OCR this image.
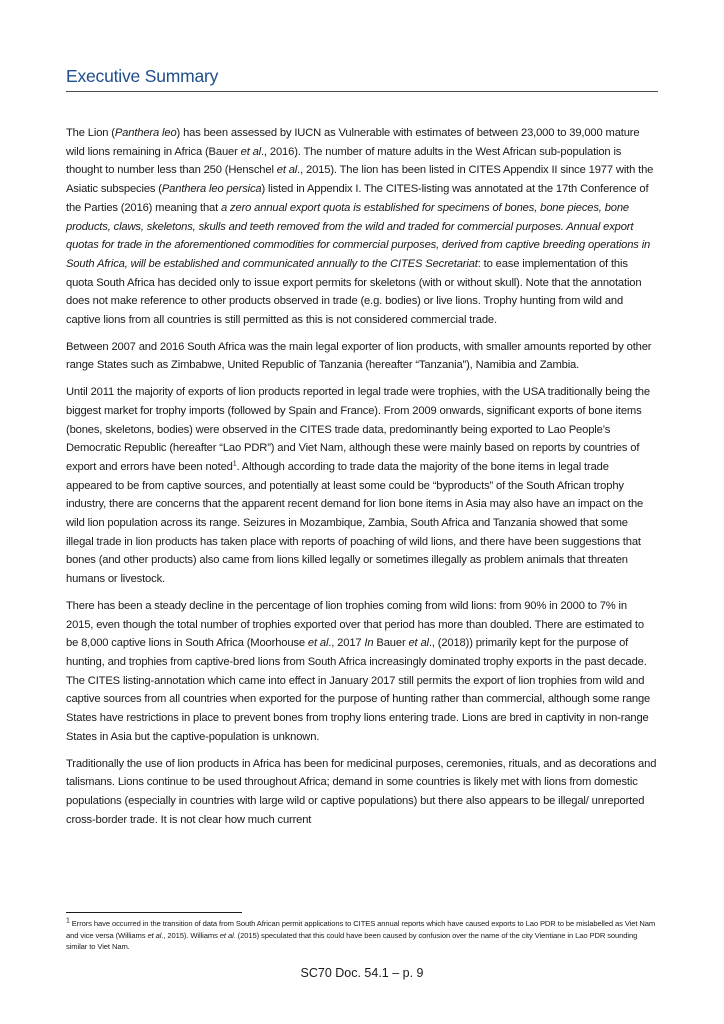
Executive Summary

The Lion (Panthera leo) has been assessed by IUCN as Vulnerable with estimates of between 23,000 to 39,000 mature wild lions remaining in Africa (Bauer et al., 2016). The number of mature adults in the West African sub-population is thought to number less than 250 (Henschel et al., 2015). The lion has been listed in CITES Appendix II since 1977 with the Asiatic subspecies (Panthera leo persica) listed in Appendix I. The CITES-listing was annotated at the 17th Conference of the Parties (2016) meaning that a zero annual export quota is established for specimens of bones, bone pieces, bone products, claws, skeletons, skulls and teeth removed from the wild and traded for commercial purposes. Annual export quotas for trade in the aforementioned commodities for commercial purposes, derived from captive breeding operations in South Africa, will be established and communicated annually to the CITES Secretariat: to ease implementation of this quota South Africa has decided only to issue export permits for skeletons (with or without skull). Note that the annotation does not make reference to other products observed in trade (e.g. bodies) or live lions. Trophy hunting from wild and captive lions from all countries is still permitted as this is not considered commercial trade.

Between 2007 and 2016 South Africa was the main legal exporter of lion products, with smaller amounts reported by other range States such as Zimbabwe, United Republic of Tanzania (hereafter “Tanzania”), Namibia and Zambia.

Until 2011 the majority of exports of lion products reported in legal trade were trophies, with the USA traditionally being the biggest market for trophy imports (followed by Spain and France). From 2009 onwards, significant exports of bone items (bones, skeletons, bodies) were observed in the CITES trade data, predominantly being exported to Lao People’s Democratic Republic (hereafter “Lao PDR”) and Viet Nam, although these were mainly based on reports by countries of export and errors have been noted$^1$. Although according to trade data the majority of the bone items in legal trade appeared to be from captive sources, and potentially at least some could be “byproducts” of the South African trophy industry, there are concerns that the apparent recent demand for lion bone items in Asia may also have an impact on the wild lion population across its range. Seizures in Mozambique, Zambia, South Africa and Tanzania showed that some illegal trade in lion products has taken place with reports of poaching of wild lions, and there have been suggestions that bones (and other products) also came from lions killed legally or sometimes illegally as problem animals that threaten humans or livestock.

There has been a steady decline in the percentage of lion trophies coming from wild lions: from 90% in 2000 to 7% in 2015, even though the total number of trophies exported over that period has more than doubled. There are estimated to be 8,000 captive lions in South Africa (Moorhouse et al., 2017 In Bauer et al., (2018)) primarily kept for the purpose of hunting, and trophies from captive-bred lions from South Africa increasingly dominated trophy exports in the past decade. The CITES listing-annotation which came into effect in January 2017 still permits the export of lion trophies from wild and captive sources from all countries when exported for the purpose of hunting rather than commercial, although some range States have restrictions in place to prevent bones from trophy lions entering trade. Lions are bred in captivity in non-range States in Asia but the captive-population is unknown.

Traditionally the use of lion products in Africa has been for medicinal purposes, ceremonies, rituals, and as decorations and talismans. Lions continue to be used throughout Africa; demand in some countries is likely met with lions from domestic populations (especially in countries with large wild or captive populations) but there also appears to be illegal/ unreported cross-border trade. It is not clear how much current

$^1$ Errors have occurred in the transition of data from South African permit applications to CITES annual reports which have caused exports to Lao PDR to be mislabelled as Viet Nam and vice versa (Williams et al., 2015). Williams et al. (2015) speculated that this could have been caused by confusion over the name of the city Vientiane in Lao PDR sounding similar to Viet Nam.
SC70 Doc. 54.1 – p. 9
